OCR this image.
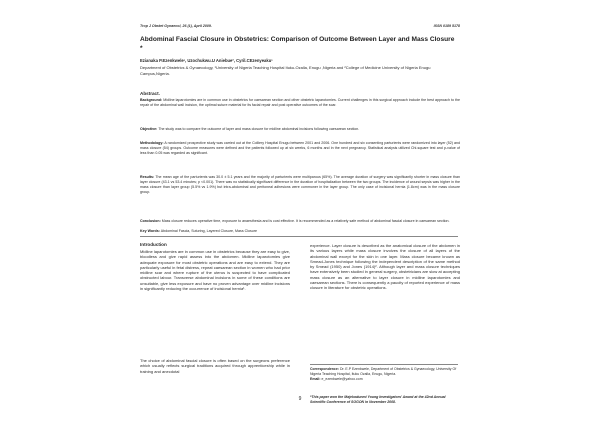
Trop J Obstet Gynaecol, 26 (1), April 2009.	ISSN 0189 5178
Abdominal Fascial Closure in Obstetrics: Comparison of Outcome Between Layer and Mass Closure *
Ezianaka P.Ezenkwele¹, Uzochukwu.U Aniebue², Cyril.CEzenyeaku¹
Department of Obstetrics & Gynaecology, ¹University of Nigeria Teaching Hospital Ituku-Ozalla, Enugu ,Nigeria and ²College of Medicine University of Nigeria Enugu Campus,Nigeria.
Abstract.
Background: Midline laparotomies are in common use in obstetrics for caesarean section and other obstetric laparotomies. Current challenges in this surgical approach include the best approach to the repair of the abdominal wall incision, the optimal suture material for its facial repair and post operative outcomes of the scar.
Objective: The study was to compare the outcome of layer and mass closure for midline abdominal incisions following caesarean section.
Methodology: A randomized prospective study was carried out at the Colliery Hospital Enugu between 2001 and 2006. One hundred and six consenting parturients were randomized into layer (52) and mass closure (54) groups. Outcome measures were defined and the patients followed up at six weeks, 6 months and in the next pregnancy. Statistical analysis utilized Chi-square test and p-value of less than 0.05 was regarded as significant.
Results: The mean age of the parturients was 30.0 ± 5.1 years and the majority of parturients were multiparous (65%). The average duration of surgery was significantly shorter in mass closure than layer closure (43.1 vs 53.4 minutes; p <0.001). There was no statistically significant difference in the duration of hospitalization between the two groups. The incidence of wound sepsis was higher in the mass closure than layer group (5.5% vs 1.9%) but intra-abdominal and peritoneal adhesions were commoner in the layer group. The only case of incisional hernia (1.8cm) was in the mass closure group.
Conclusion: Mass closure reduces operative time, exposure to anaesthesia and is cost effective. It is recommended as a relatively safe method of abdominal fascial closure in caesarean section.
Key Words: Abdominal Fascia, Suturing, Layered Closure, Mass Closure
Introduction
Midline laparotomies are in common use in obstetrics because they are easy to give, bloodless and give rapid assess into the abdomen. Midline laparotomies give adequate exposure for most obstetric operations and are easy to extend. They are particularly useful in fetal distress, repeat caesarean section in women who had prior midline scar and where rupture of the uterus is suspected to have complicated obstructed labour. Transverse abdominal incisions in some of these conditions are unsuitable, give less exposure and have no proven advantage over midline incisions in significantly reducing the occurrence of incisional hernia¹.
The choice of abdominal fascial closure is often based on the surgeons preference which usually reflects surgical traditions acquired through apprenticeship while in training and anecdotal
experience. Layer closure is described as the anatomical closure of the abdomen in its various layers while mass closure involves the closure of all layers of the abdominal wall except for the skin in one layer. Mass closure became known as Smead-Jones technique following the independent description of the same method by Smead (1950) and Jones (1914)². Although layer and mass closure techniques have extensively been studied in general surgery, obstetricians are slow at accepting mass closure as an alternative to layer closure in midline laparotomies and caesarean sections. There is consequently a paucity of reported experience of mass closure in literature for obstetric operations.
Correspondence: Dr. E.P Ezenkwele, Department of Obstetrics & Gynaecology, University Of Nigeria Teaching Hospital, Ituku Ozalla, Enugu, Nigeria.
Email: e_ezenkwele@yahoo.com
*This paper won the Majekodunmi Young Investigators' Award at the 42nd Annual Scientific Conference of SOGON in November 2008.
9
